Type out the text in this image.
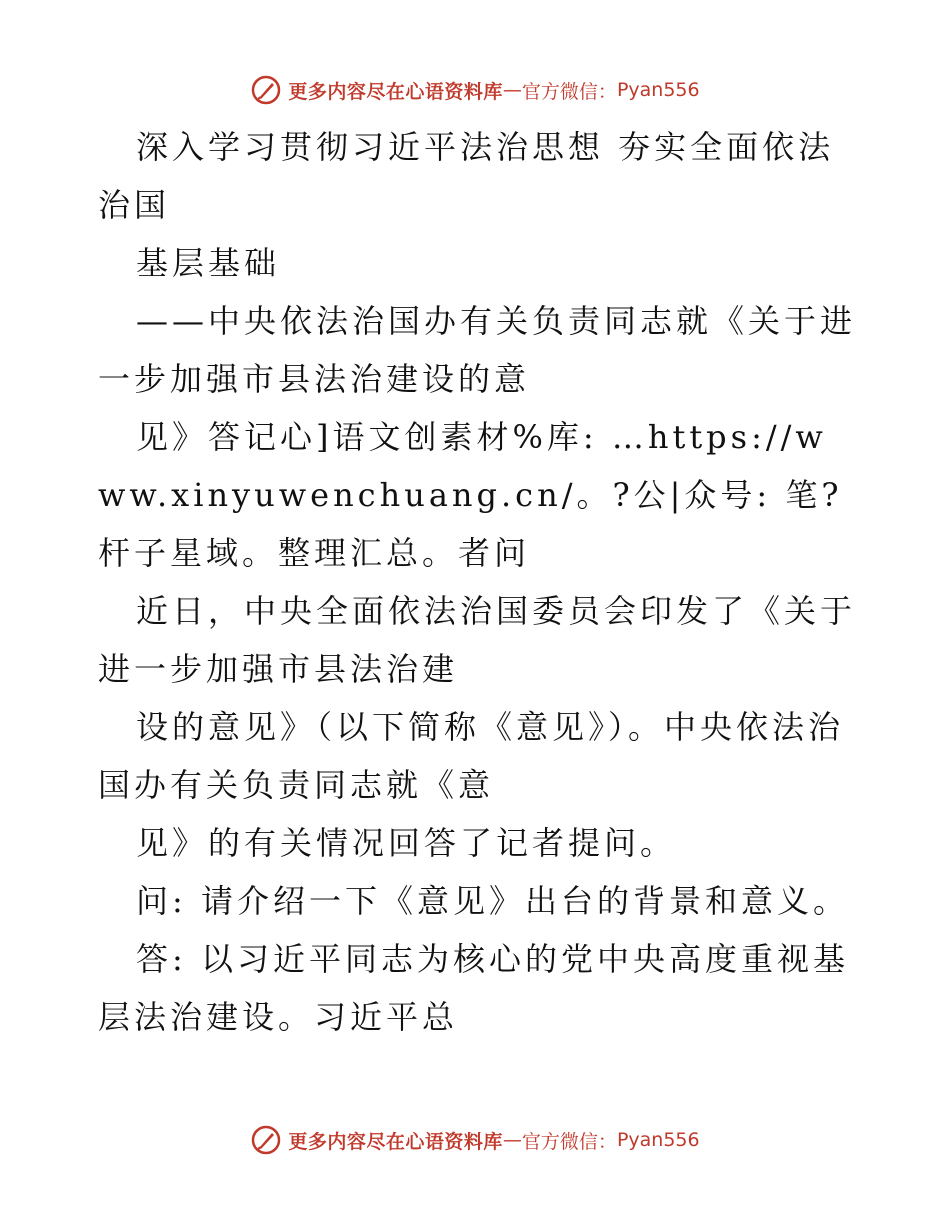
更多内容尽在心语资料库 — 官方微信： Pyan556

深入学习贯彻习近平法治思想 夯实全面依法治国

基层基础

——中央依法治国办有关负责同志就《关于进一步加强市县法治建设的意

见》答记心]语文创素材%库: …https://www.xinyuwenchuang.cn/。?公|众号: 笔?杆子星域。整理汇总。者问

近日，中央全面依法治国委员会印发了《关于进一步加强市县法治建

设的意见》（以下简称《意见》）。中央依法治国办有关负责同志就《意

见》的有关情况回答了记者提问。

问: 请介绍一下《意见》出台的背景和意义。

答: 以习近平同志为核心的党中央高度重视基层法治建设。习近平总

更多内容尽在心语资料库 — 官方微信： Pyan556
